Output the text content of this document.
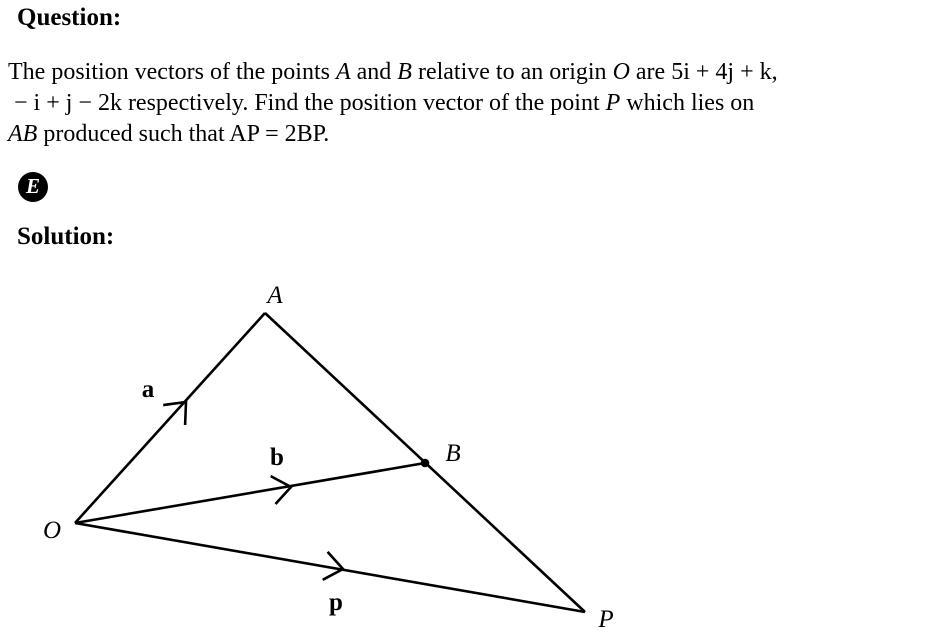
Question:
The position vectors of the points A and B relative to an origin O are 5i + 4j + k,
− i + j − 2k respectively. Find the position vector of the point P which lies on
AB produced such that AP = 2BP.
E
Solution:
A
O
B
P
a
b
p
